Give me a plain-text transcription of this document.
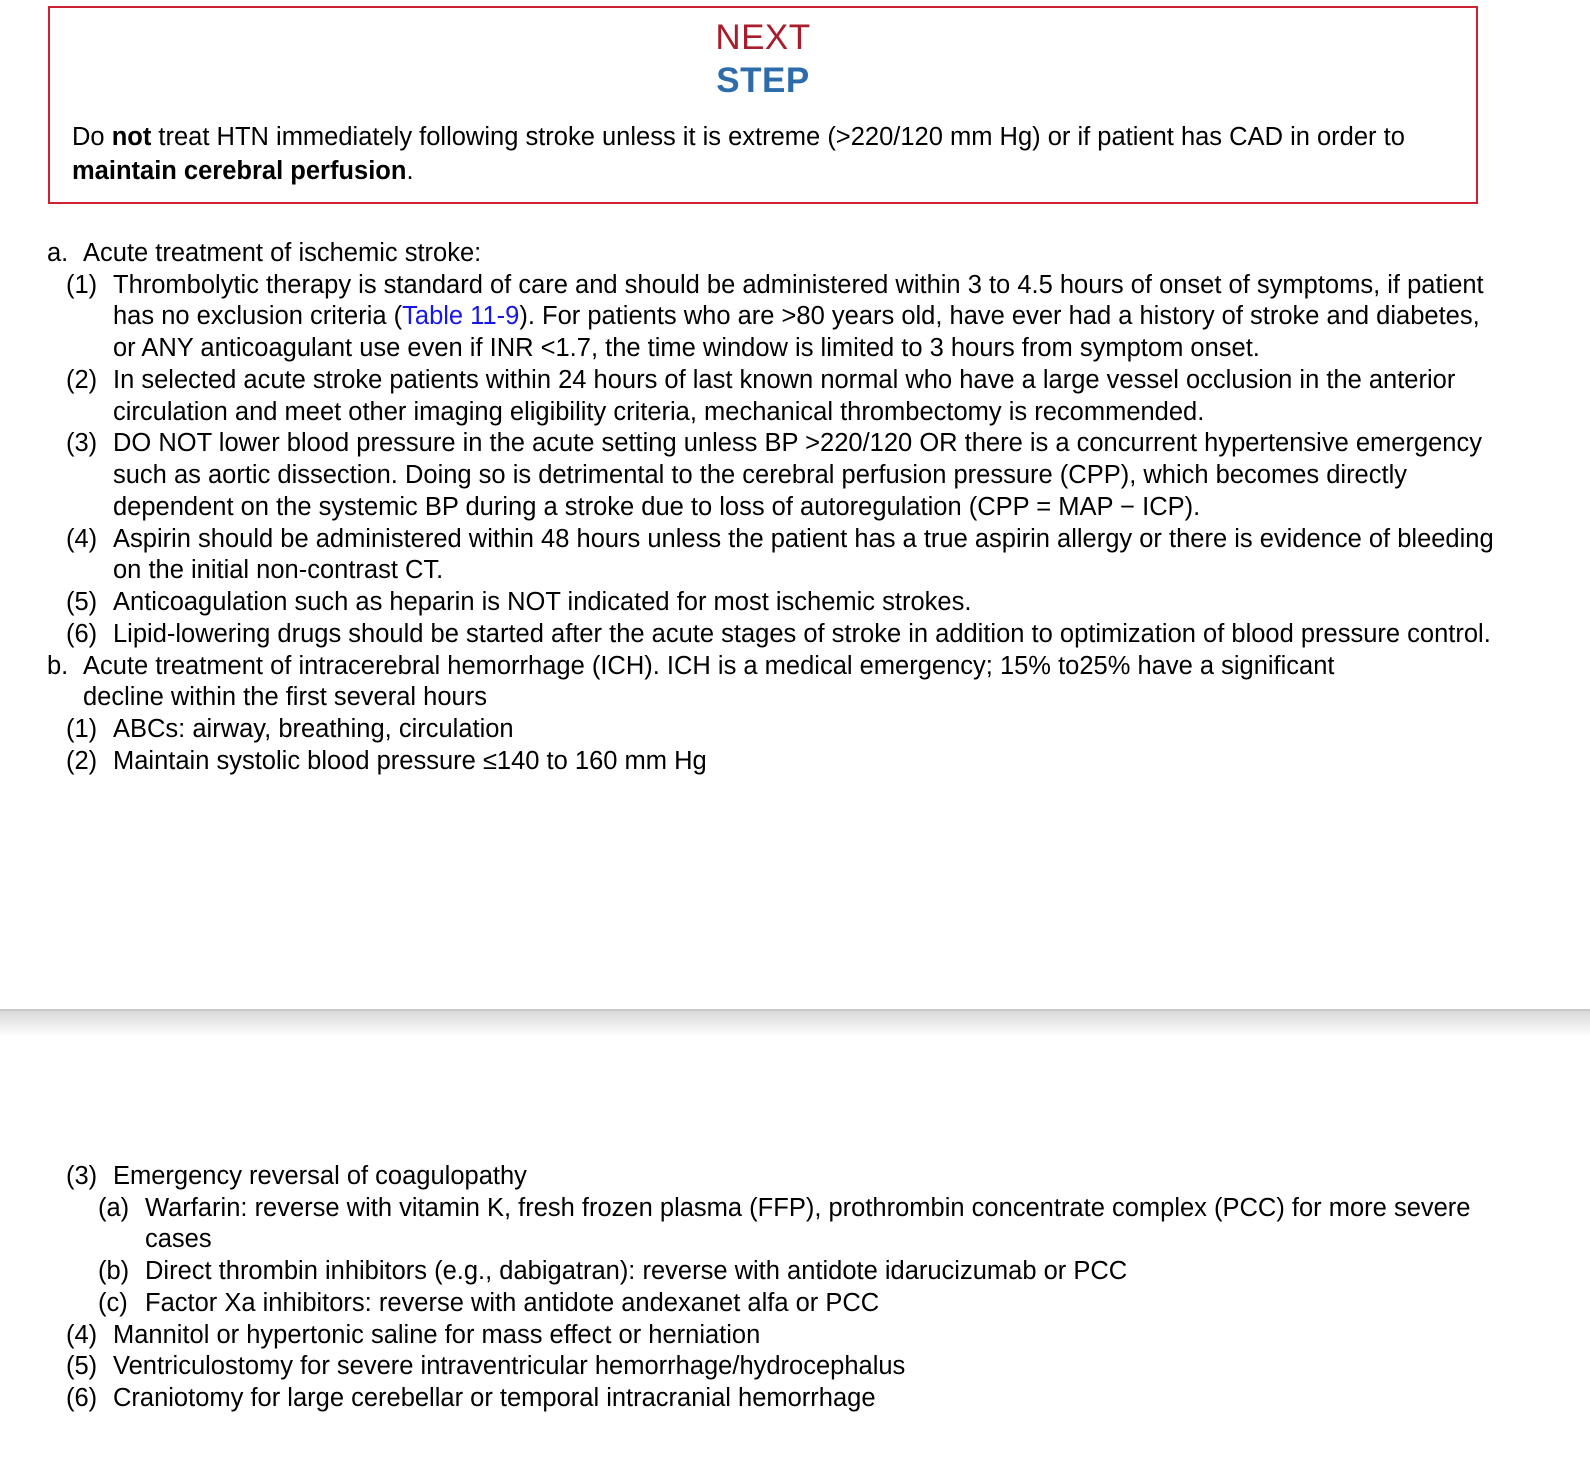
NEXT
STEP
Do not treat HTN immediately following stroke unless it is extreme (>220/120 mm Hg) or if patient has CAD in order to maintain cerebral perfusion.
a. Acute treatment of ischemic stroke:
(1) Thrombolytic therapy is standard of care and should be administered within 3 to 4.5 hours of onset of symptoms, if patient has no exclusion criteria (Table 11-9). For patients who are >80 years old, have ever had a history of stroke and diabetes, or ANY anticoagulant use even if INR <1.7, the time window is limited to 3 hours from symptom onset.
(2) In selected acute stroke patients within 24 hours of last known normal who have a large vessel occlusion in the anterior circulation and meet other imaging eligibility criteria, mechanical thrombectomy is recommended.
(3) DO NOT lower blood pressure in the acute setting unless BP >220/120 OR there is a concurrent hypertensive emergency such as aortic dissection. Doing so is detrimental to the cerebral perfusion pressure (CPP), which becomes directly dependent on the systemic BP during a stroke due to loss of autoregulation (CPP = MAP − ICP).
(4) Aspirin should be administered within 48 hours unless the patient has a true aspirin allergy or there is evidence of bleeding on the initial non-contrast CT.
(5) Anticoagulation such as heparin is NOT indicated for most ischemic strokes.
(6) Lipid-lowering drugs should be started after the acute stages of stroke in addition to optimization of blood pressure control.
b. Acute treatment of intracerebral hemorrhage (ICH). ICH is a medical emergency; 15% to25% have a significant
decline within the first several hours
(1) ABCs: airway, breathing, circulation
(2) Maintain systolic blood pressure ≤140 to 160 mm Hg
(3) Emergency reversal of coagulopathy
(a) Warfarin: reverse with vitamin K, fresh frozen plasma (FFP), prothrombin concentrate complex (PCC) for more severe cases
(b) Direct thrombin inhibitors (e.g., dabigatran): reverse with antidote idarucizumab or PCC
(c) Factor Xa inhibitors: reverse with antidote andexanet alfa or PCC
(4) Mannitol or hypertonic saline for mass effect or herniation
(5) Ventriculostomy for severe intraventricular hemorrhage/hydrocephalus
(6) Craniotomy for large cerebellar or temporal intracranial hemorrhage
